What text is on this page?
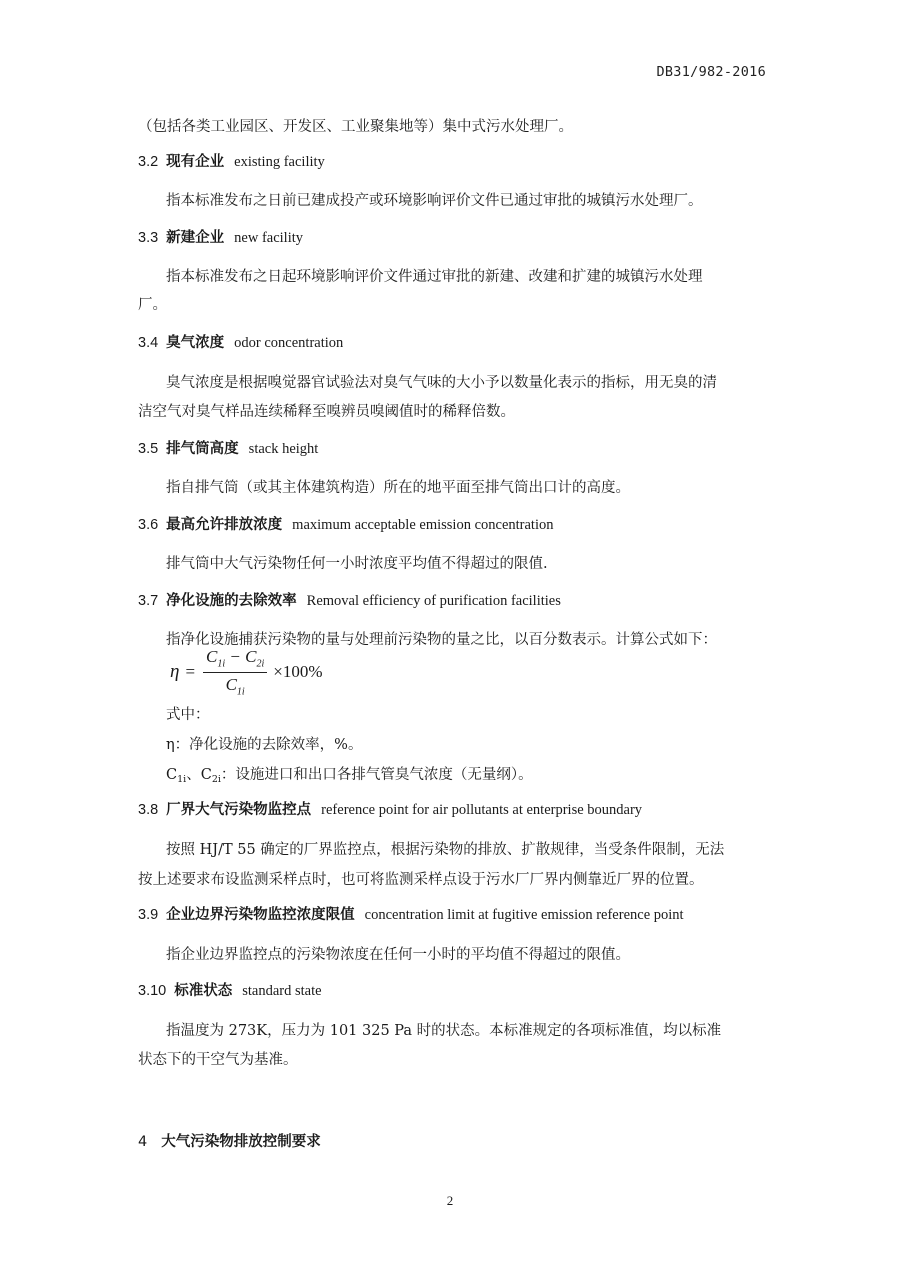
DB31/982-2016
（包括各类工业园区、开发区、工业聚集地等）集中式污水处理厂。
3.2 现有企业 existing facility
指本标准发布之日前已建成投产或环境影响评价文件已通过审批的城镇污水处理厂。
3.3 新建企业 new facility
指本标准发布之日起环境影响评价文件通过审批的新建、改建和扩建的城镇污水处理
厂。
3.4 臭气浓度 odor concentration
臭气浓度是根据嗅觉器官试验法对臭气气味的大小予以数量化表示的指标，用无臭的清
洁空气对臭气样品连续稀释至嗅辨员嗅阈值时的稀释倍数。
3.5 排气筒高度 stack height
指自排气筒（或其主体建筑构造）所在的地平面至排气筒出口计的高度。
3.6 最高允许排放浓度 maximum acceptable emission concentration
排气筒中大气污染物任何一小时浓度平均值不得超过的限值.
3.7 净化设施的去除效率 Removal efficiency of purification facilities
指净化设施捕获污染物的量与处理前污染物的量之比，以百分数表示。计算公式如下：
$\eta = \frac{C_{1i} - C_{2i}}{C_{1i}} \times 100\%$
式中：
η：净化设施的去除效率，%。
$C_{1i}$、$C_{2i}$：设施进口和出口各排气管臭气浓度（无量纲）。
3.8 厂界大气污染物监控点 reference point for air pollutants at enterprise boundary
按照 HJ/T 55 确定的厂界监控点，根据污染物的排放、扩散规律，当受条件限制，无法
按上述要求布设监测采样点时，也可将监测采样点设于污水厂厂界内侧靠近厂界的位置。
3.9 企业边界污染物监控浓度限值 concentration limit at fugitive emission reference point
指企业边界监控点的污染物浓度在任何一小时的平均值不得超过的限值。
3.10 标准状态 standard state
指温度为 273K，压力为 101 325 Pa 时的状态。本标准规定的各项标准值，均以标准
状态下的干空气为基准。
4 大气污染物排放控制要求
2
